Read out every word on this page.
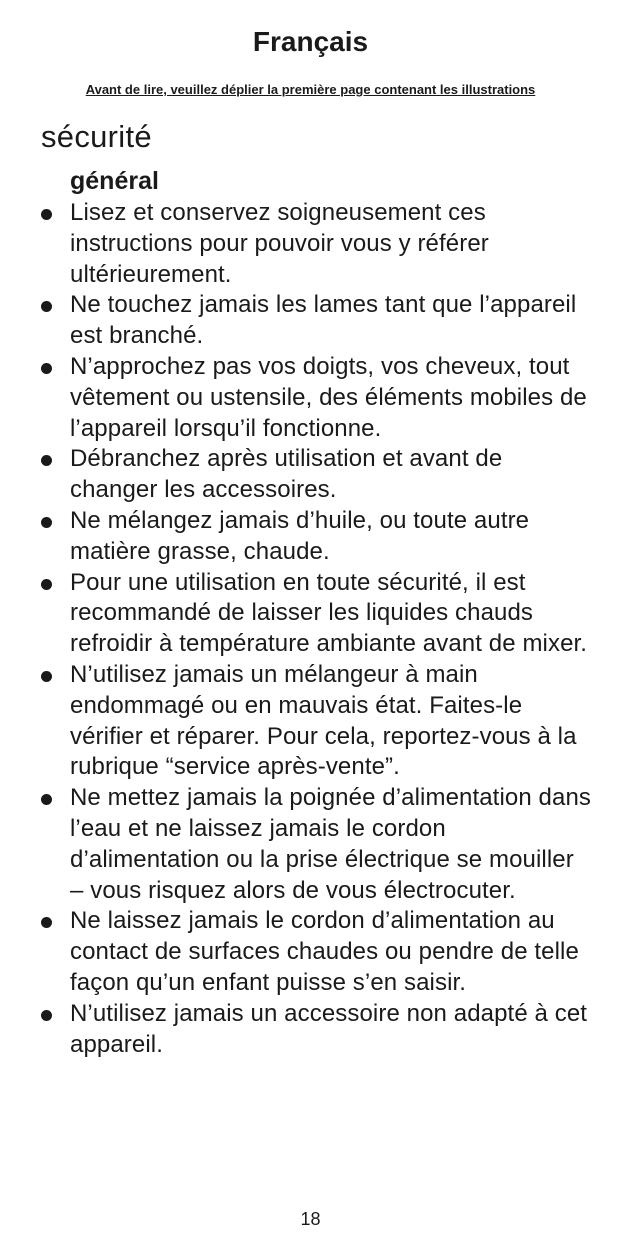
Français
Avant de lire, veuillez déplier la première page contenant les illustrations
sécurité
général
Lisez et conservez soigneusement ces instructions pour pouvoir vous y référer ultérieurement.
Ne touchez jamais les lames tant que l’appareil est branché.
N’approchez pas vos doigts, vos cheveux, tout vêtement ou ustensile, des éléments mobiles de l’appareil lorsqu’il fonctionne.
Débranchez après utilisation et avant de changer les accessoires.
Ne mélangez jamais d’huile, ou toute autre matière grasse, chaude.
Pour une utilisation en toute sécurité, il est recommandé de laisser les liquides chauds refroidir à température ambiante avant de mixer.
N’utilisez jamais un mélangeur à main endommagé ou en mauvais état. Faites-le vérifier et réparer. Pour cela, reportez-vous à la rubrique “service après-vente”.
Ne mettez jamais la poignée d’alimentation dans l’eau et ne laissez jamais le cordon d’alimentation ou la prise électrique se mouiller – vous risquez alors de vous électrocuter.
Ne laissez jamais le cordon d’alimentation au contact de surfaces chaudes ou pendre de telle façon qu’un enfant puisse s’en saisir.
N’utilisez jamais un accessoire non adapté à cet appareil.
18
